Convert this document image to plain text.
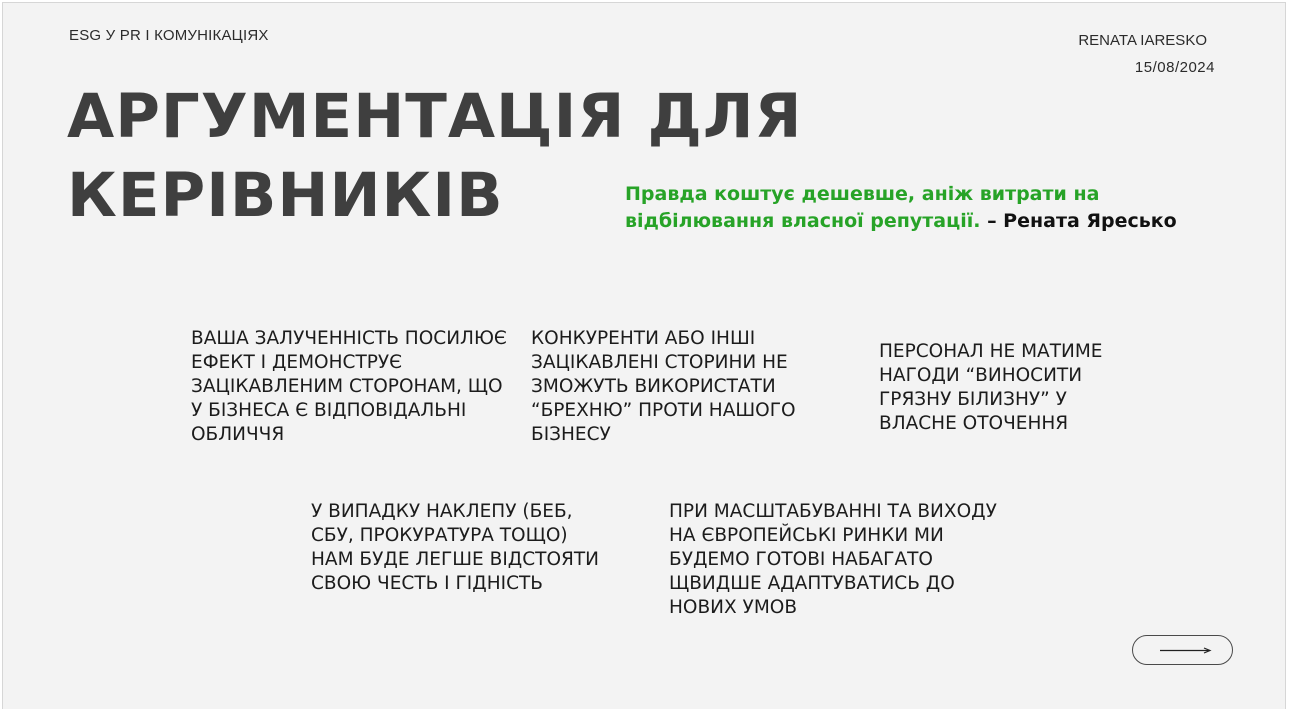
ESG У PR І КОМУНІКАЦІЯХ	RENATA IARESKO
15/08/2024
АРГУМЕНТАЦІЯ ДЛЯ
КЕРІВНИКІВ	Правда коштує дешевше, аніж витрати на відбілювання власної репутації. – Рената Яресько
ВАША ЗАЛУЧЕННІСТЬ ПОСИЛЮЄ ЕФЕКТ І ДЕМОНСТРУЄ ЗАЦІКАВЛЕНИМ СТОРОНАМ, ЩО У БІЗНЕСА Є ВІДПОВІДАЛЬНІ ОБЛИЧЧЯ
КОНКУРЕНТИ АБО ІНШІ ЗАЦІКАВЛЕНІ СТОРИНИ НЕ ЗМОЖУТЬ ВИКОРИСТАТИ “БРЕХНЮ” ПРОТИ НАШОГО БІЗНЕСУ
ПЕРСОНАЛ НЕ МАТИМЕ НАГОДИ “ВИНОСИТИ ГРЯЗНУ БІЛИЗНУ” У ВЛАСНЕ ОТОЧЕННЯ
У ВИПАДКУ НАКЛЕПУ (БЕБ, СБУ, ПРОКУРАТУРА ТОЩО) НАМ БУДЕ ЛЕГШЕ ВІДСТОЯТИ СВОЮ ЧЕСТЬ І ГІДНІСТЬ
ПРИ МАСШТАБУВАННІ ТА ВИХОДУ НА ЄВРОПЕЙСЬКІ РИНКИ МИ БУДЕМО ГОТОВІ НАБАГАТО ЩВИДШЕ АДАПТУВАТИСЬ ДО НОВИХ УМОВ
